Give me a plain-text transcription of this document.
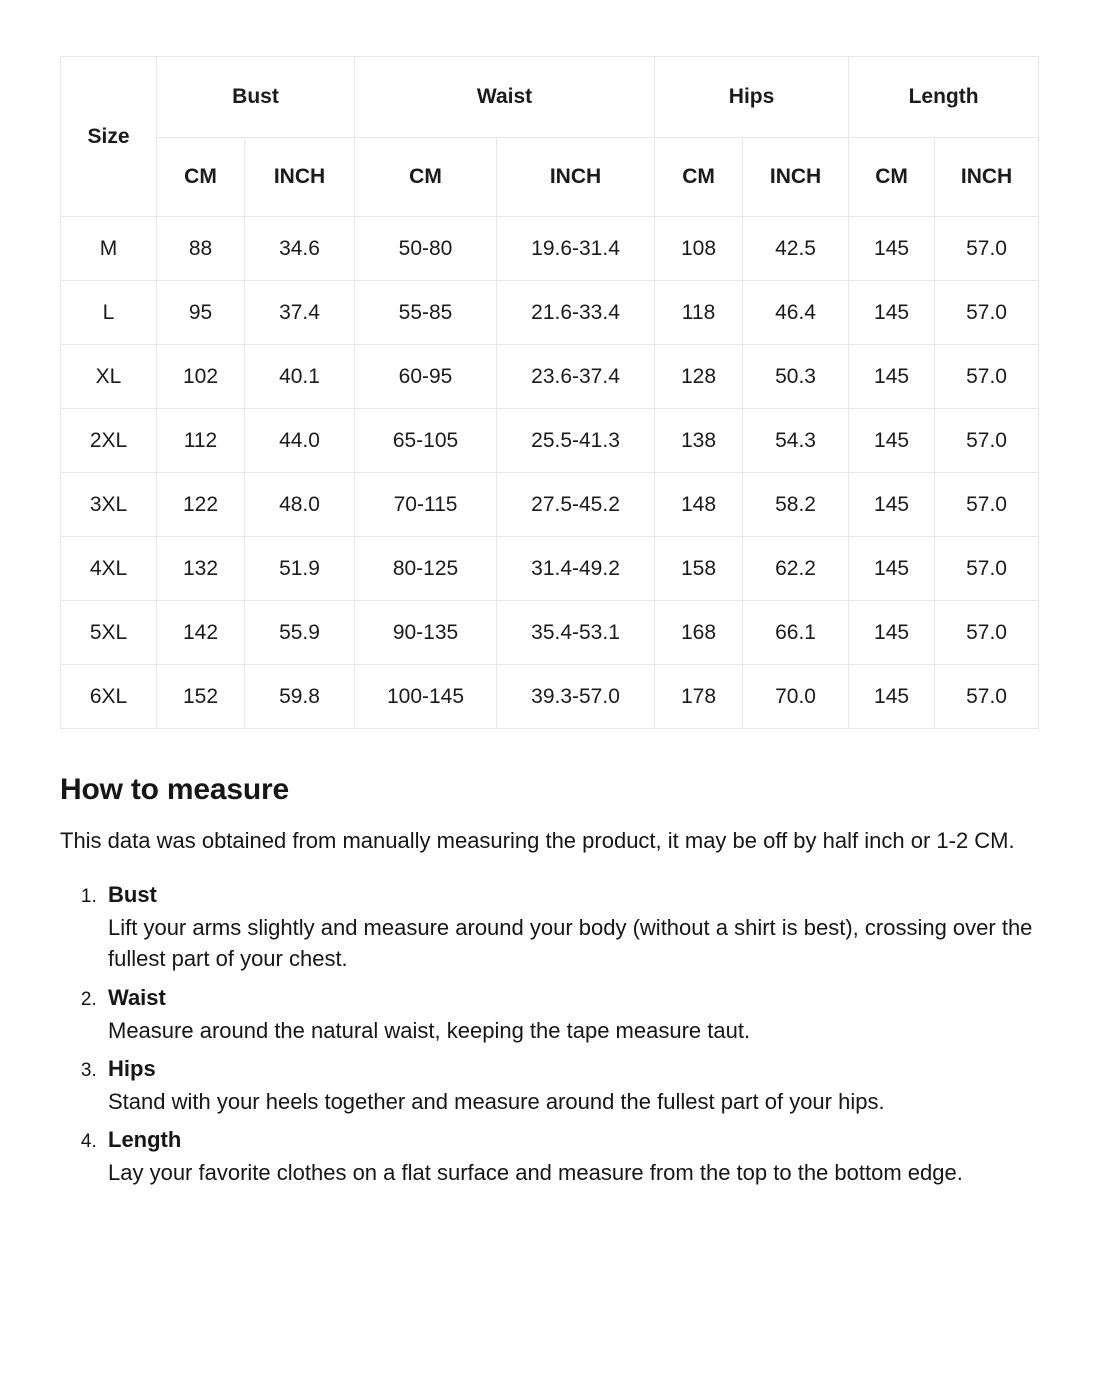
Size	Bust		Waist		Hips		Length	
	CM	INCH	CM	INCH	CM	INCH	CM	INCH
M	88	34.6	50-80	19.6-31.4	108	42.5	145	57.0
L	95	37.4	55-85	21.6-33.4	118	46.4	145	57.0
XL	102	40.1	60-95	23.6-37.4	128	50.3	145	57.0
2XL	112	44.0	65-105	25.5-41.3	138	54.3	145	57.0
3XL	122	48.0	70-115	27.5-45.2	148	58.2	145	57.0
4XL	132	51.9	80-125	31.4-49.2	158	62.2	145	57.0
5XL	142	55.9	90-135	35.4-53.1	168	66.1	145	57.0
6XL	152	59.8	100-145	39.3-57.0	178	70.0	145	57.0
How to measure

This data was obtained from manually measuring the product, it may be off by half inch or 1-2 CM.

1. Bust
Lift your arms slightly and measure around your body (without a shirt is best), crossing over the fullest part of your chest.
2. Waist
Measure around the natural waist, keeping the tape measure taut.
3. Hips
Stand with your heels together and measure around the fullest part of your hips.
4. Length
Lay your favorite clothes on a flat surface and measure from the top to the bottom edge.
